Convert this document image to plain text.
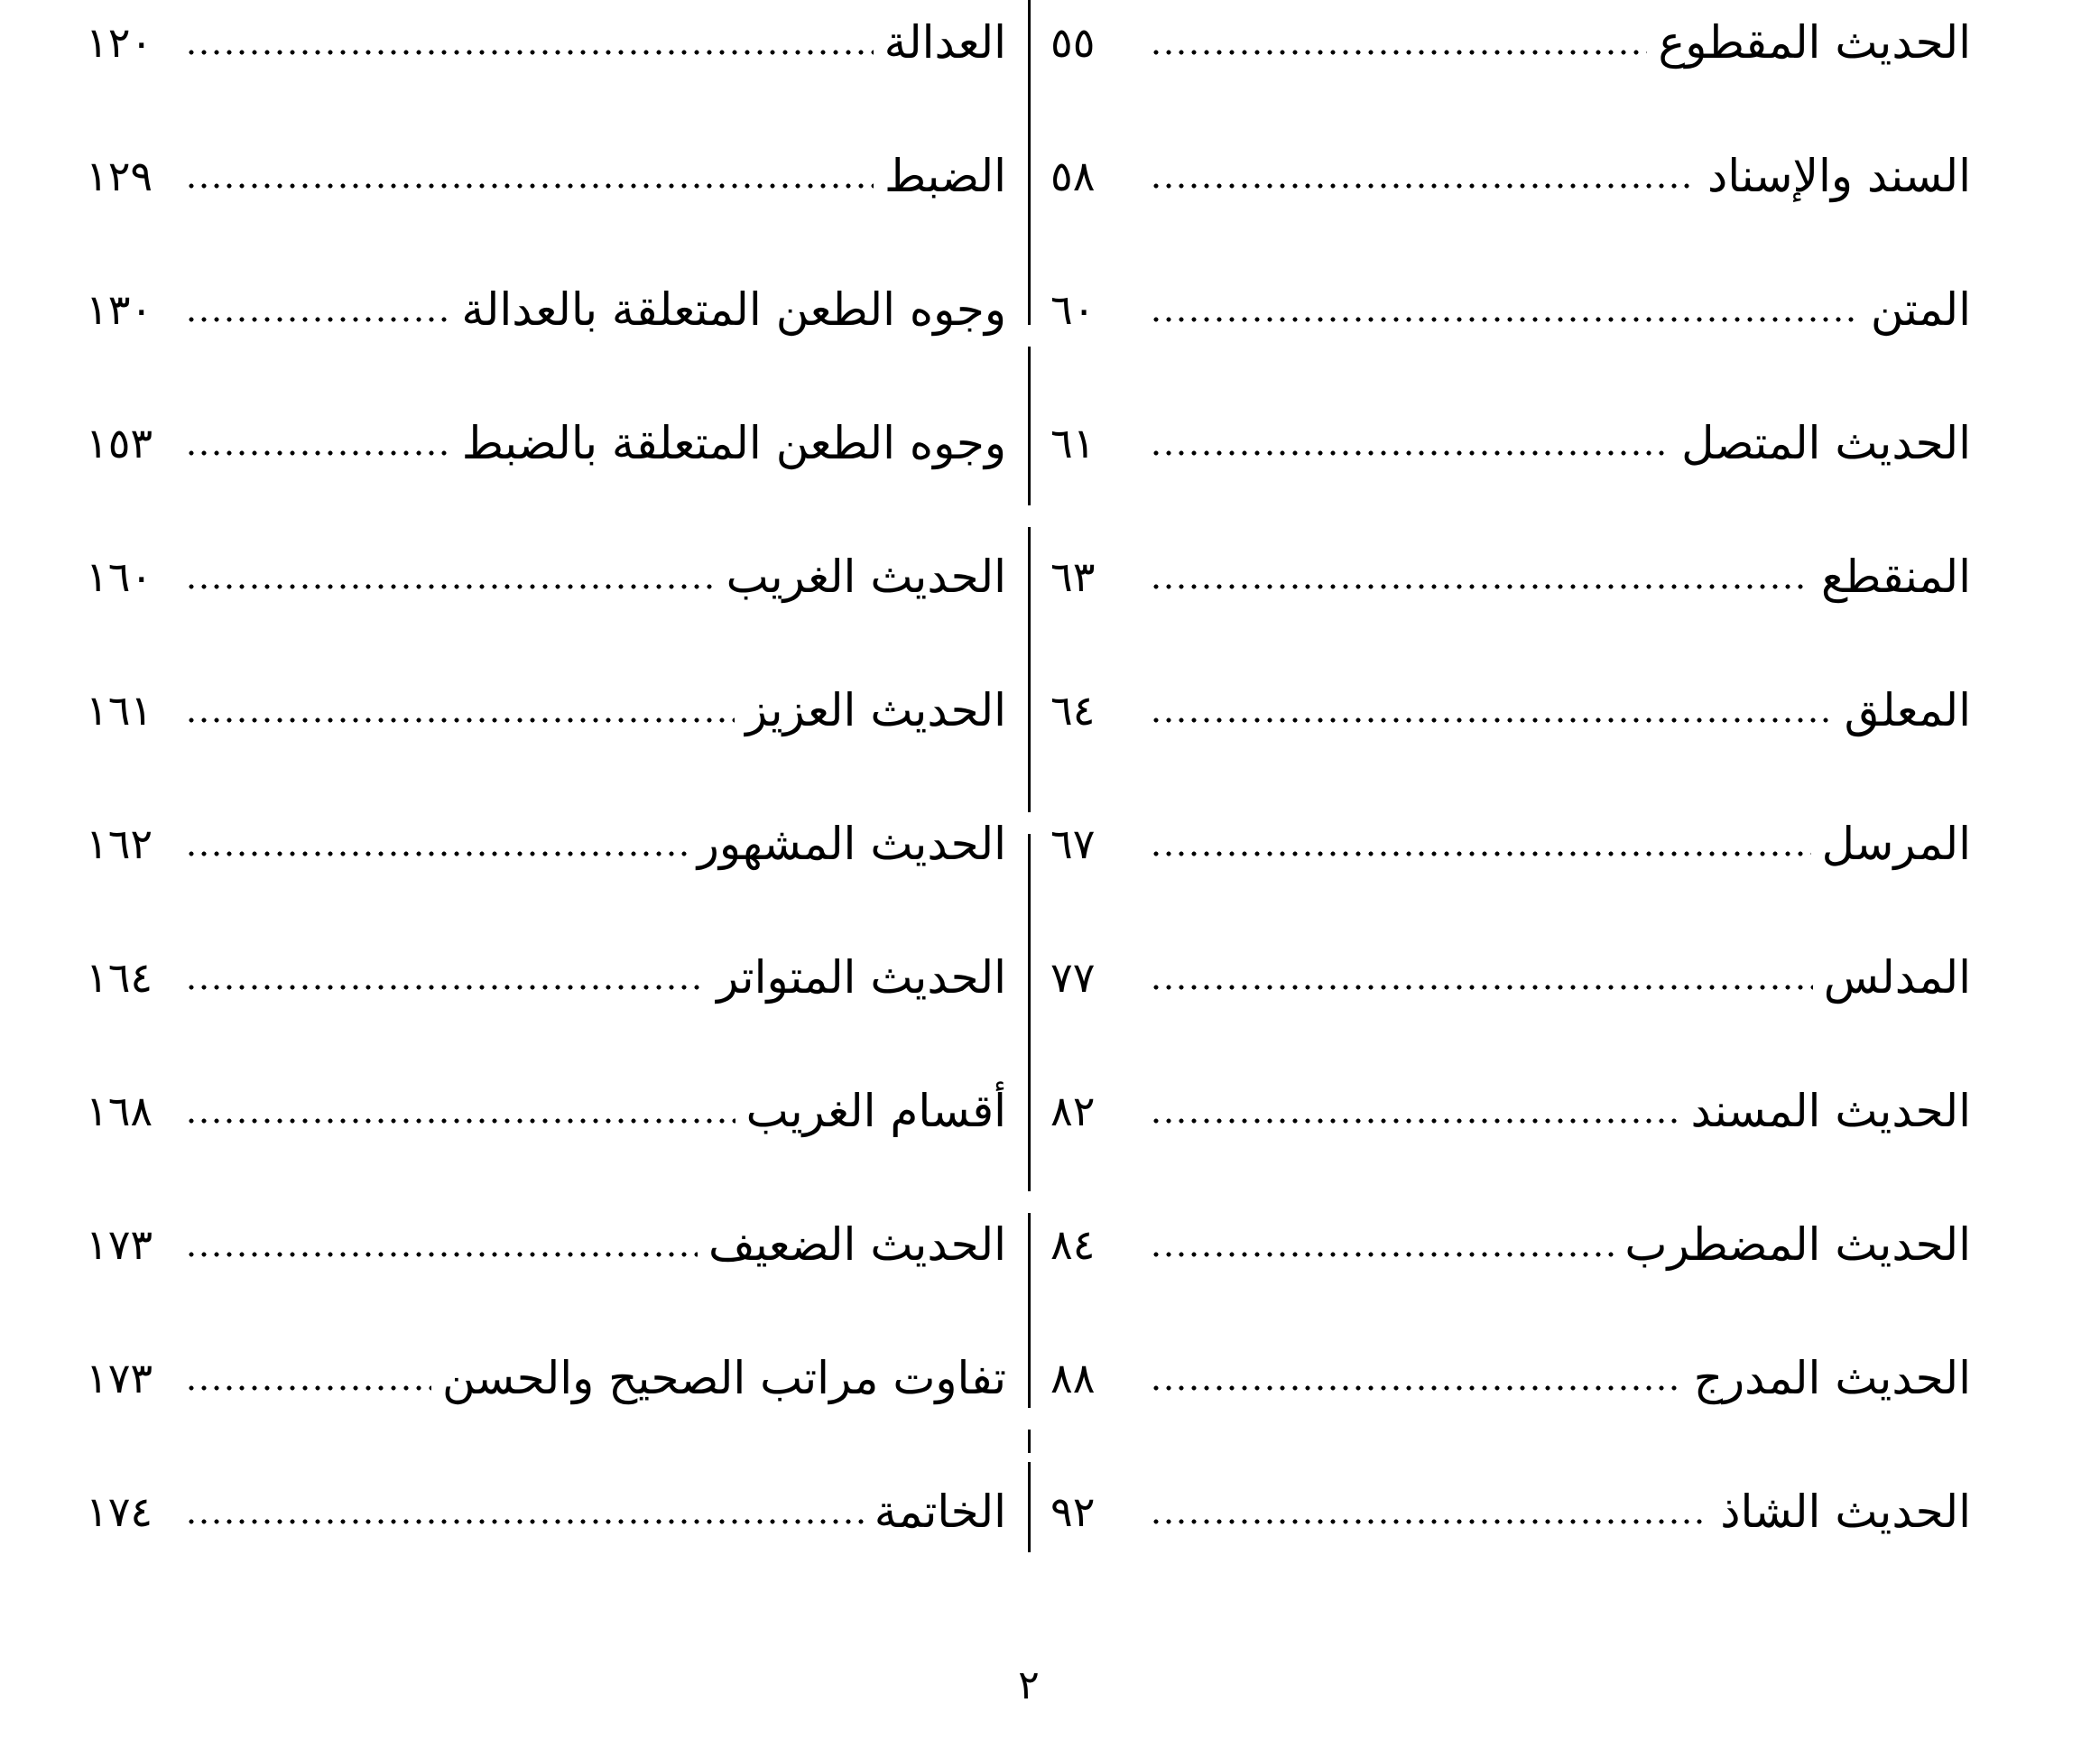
الحديث المقطوع
٥٥
السند والإسناد
٥٨
المتن
٦٠
الحديث المتصل
٦١
المنقطع
٦٣
المعلق
٦٤
المرسل
٦٧
المدلس
٧٧
الحديث المسند
٨٢
الحديث المضطرب
٨٤
الحديث المدرج
٨٨
الحديث الشاذ
٩٢
العدالة
١٢٠
الضبط
١٢٩
وجوه الطعن المتعلقة بالعدالة
١٣٠
وجوه الطعن المتعلقة بالضبط
١٥٣
الحديث الغريب
١٦٠
الحديث العزيز
١٦١
الحديث المشهور
١٦٢
الحديث المتواتر
١٦٤
أقسام الغريب
١٦٨
الحديث الضعيف
١٧٣
تفاوت مراتب الصحيح والحسن
١٧٣
الخاتمة
١٧٤
٢
